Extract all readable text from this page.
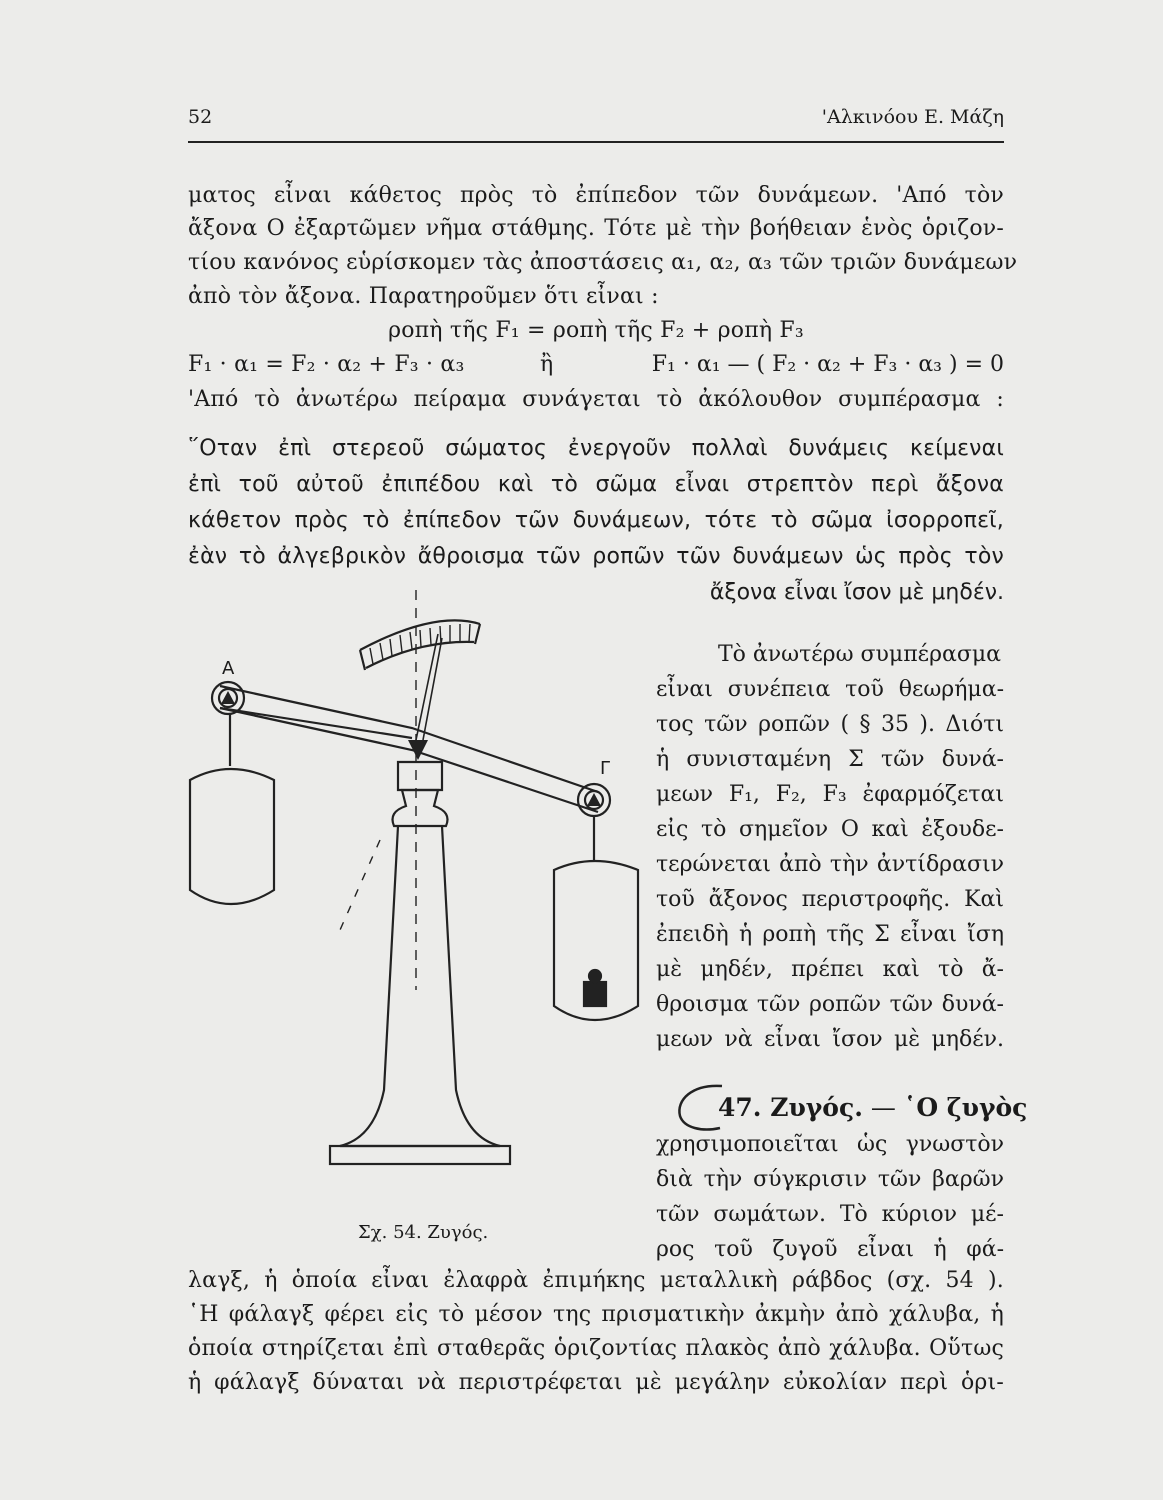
52	'Αλκινόου Ε. Μάζη
ματος εἶναι κάθετος πρὸς τὸ ἐπίπεδον τῶν δυνάμεων. 'Από τὸν
ἄξονα Ο ἐξαρτῶμεν νῆμα στάθμης. Τότε μὲ τὴν βοήθειαν ἑνὸς ὁριζον-
τίου κανόνος εὑρίσκομεν τὰς ἀποστάσεις α₁, α₂, α₃ τῶν τριῶν δυνάμεων
ἀπὸ τὸν ἄξονα. Παρατηροῦμεν ὅτι εἶναι :
ροπὴ τῆς F₁ = ροπὴ τῆς F₂ + ροπὴ F₃
F₁ · α₁ = F₂ · α₂ + F₃ · α₃	ἢ	F₁ · α₁ — ( F₂ · α₂ + F₃ · α₃ ) = 0
'Από τὸ ἀνωτέρω πείραμα συνάγεται τὸ ἀκόλουθον συμπέρασμα :
῞Οταν ἐπὶ στερεοῦ σώματος ἐνεργοῦν πολλαὶ δυνάμεις κείμεναι
ἐπὶ τοῦ αὐτοῦ ἐπιπέδου καὶ τὸ σῶμα εἶναι στρεπτὸν περὶ ἄξονα
κάθετον πρὸς τὸ ἐπίπεδον τῶν δυνάμεων, τότε τὸ σῶμα ἰσορροπεῖ,
ἐὰν τὸ ἀλγεβρικὸν ἄθροισμα τῶν ροπῶν τῶν δυνάμεων ὡς πρὸς τὸν
ἄξονα εἶναι ἴσον μὲ μηδέν.
Τὸ ἀνωτέρω συμπέρασμα
εἶναι συνέπεια τοῦ θεωρήμα-
τος τῶν ροπῶν ( § 35 ). Διότι
ἡ συνισταμένη Σ τῶν δυνά-
μεων F₁, F₂, F₃ ἐφαρμόζεται
εἰς τὸ σημεῖον Ο καὶ ἐξουδε-
τερώνεται ἀπὸ τὴν ἀντίδρασιν
τοῦ ἄξονος περιστροφῆς. Καὶ
ἐπειδὴ ἡ ροπὴ τῆς Σ εἶναι ἴση
μὲ μηδέν, πρέπει καὶ τὸ ἄ-
θροισμα τῶν ροπῶν τῶν δυνά-
μεων νὰ εἶναι ἴσον μὲ μηδέν.
47. Ζυγός. — ῾Ο ζυγὸς
χρησιμοποιεῖται ὡς γνωστὸν
διὰ τὴν σύγκρισιν τῶν βαρῶν
τῶν σωμάτων. Τὸ κύριον μέ-
ρος τοῦ ζυγοῦ εἶναι ἡ φά-
Α
Γ
Σχ. 54. Ζυγός.
λαγξ, ἡ ὁποία εἶναι ἐλαφρὰ ἐπιμήκης μεταλλικὴ ράβδος (σχ. 54 ).
῾Η φάλαγξ φέρει εἰς τὸ μέσον της πρισματικὴν ἀκμὴν ἀπὸ χάλυβα, ἡ
ὁποία στηρίζεται ἐπὶ σταθερᾶς ὁριζοντίας πλακὸς ἀπὸ χάλυβα. Οὕτως
ἡ φάλαγξ δύναται νὰ περιστρέφεται μὲ μεγάλην εὐκολίαν περὶ ὁρι-
